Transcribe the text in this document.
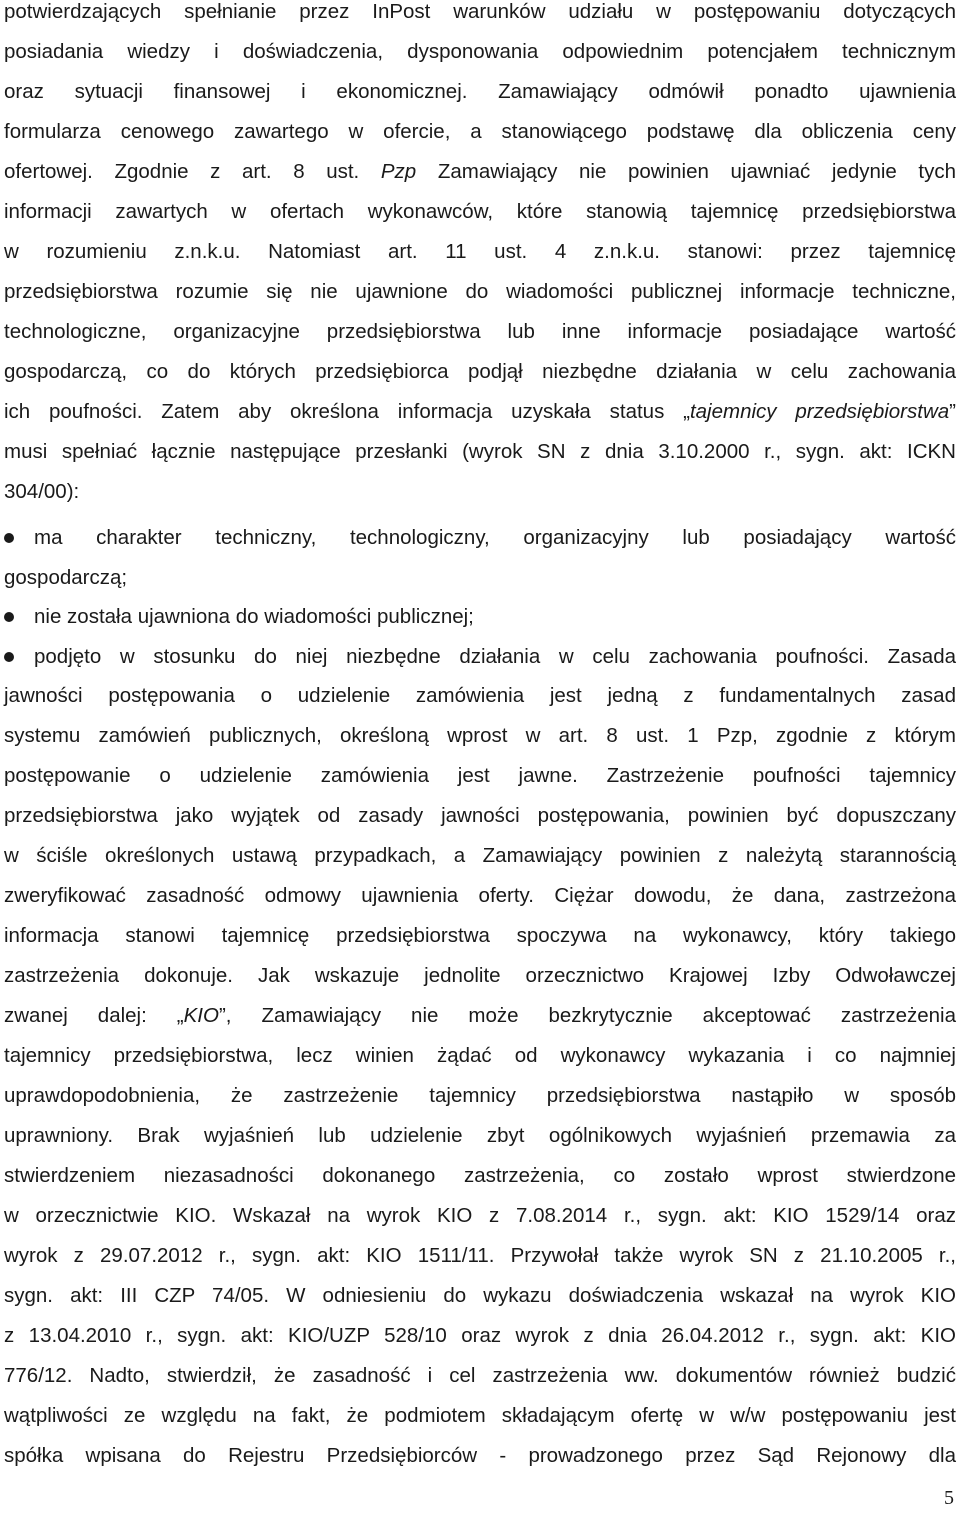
potwierdzających spełnianie przez InPost warunków udziału w postępowaniu dotyczących
posiadania wiedzy i doświadczenia, dysponowania odpowiednim potencjałem technicznym
oraz sytuacji finansowej i ekonomicznej. Zamawiający odmówił ponadto ujawnienia
formularza cenowego zawartego w ofercie, a stanowiącego podstawę dla obliczenia ceny
ofertowej. Zgodnie z art. 8 ust. Pzp Zamawiający nie powinien ujawniać jedynie tych
informacji zawartych w ofertach wykonawców, które stanowią tajemnicę przedsiębiorstwa
w rozumieniu z.n.k.u. Natomiast art. 11 ust. 4 z.n.k.u. stanowi: przez tajemnicę
przedsiębiorstwa rozumie się nie ujawnione do wiadomości publicznej informacje techniczne,
technologiczne, organizacyjne przedsiębiorstwa lub inne informacje posiadające wartość
gospodarczą, co do których przedsiębiorca podjął niezbędne działania w celu zachowania
ich poufności. Zatem aby określona informacja uzyskała status „tajemnicy przedsiębiorstwa”
musi spełniać łącznie następujące przesłanki (wyrok SN z dnia 3.10.2000 r., sygn. akt: ICKN
304/00):
ma charakter techniczny, technologiczny, organizacyjny lub posiadający wartość
gospodarczą;
nie została ujawniona do wiadomości publicznej;
podjęto w stosunku do niej niezbędne działania w celu zachowania poufności. Zasada
jawności postępowania o udzielenie zamówienia jest jedną z fundamentalnych zasad
systemu zamówień publicznych, określoną wprost w art. 8 ust. 1 Pzp, zgodnie z którym
postępowanie o udzielenie zamówienia jest jawne. Zastrzeżenie poufności tajemnicy
przedsiębiorstwa jako wyjątek od zasady jawności postępowania, powinien być dopuszczany
w ściśle określonych ustawą przypadkach, a Zamawiający powinien z należytą starannością
zweryfikować zasadność odmowy ujawnienia oferty. Ciężar dowodu, że dana, zastrzeżona
informacja stanowi tajemnicę przedsiębiorstwa spoczywa na wykonawcy, który takiego
zastrzeżenia dokonuje. Jak wskazuje jednolite orzecznictwo Krajowej Izby Odwoławczej
zwanej dalej: „KIO”, Zamawiający nie może bezkrytycznie akceptować zastrzeżenia
tajemnicy przedsiębiorstwa, lecz winien żądać od wykonawcy wykazania i co najmniej
uprawdopodobnienia, że zastrzeżenie tajemnicy przedsiębiorstwa nastąpiło w sposób
uprawniony. Brak wyjaśnień lub udzielenie zbyt ogólnikowych wyjaśnień przemawia za
stwierdzeniem niezasadności dokonanego zastrzeżenia, co zostało wprost stwierdzone
w orzecznictwie KIO. Wskazał na wyrok KIO z 7.08.2014 r., sygn. akt: KIO 1529/14 oraz
wyrok z 29.07.2012 r., sygn. akt: KIO 1511/11. Przywołał także wyrok SN z 21.10.2005 r.,
sygn. akt: III CZP 74/05. W odniesieniu do wykazu doświadczenia wskazał na wyrok KIO
z 13.04.2010 r., sygn. akt: KIO/UZP 528/10 oraz wyrok z dnia 26.04.2012 r., sygn. akt: KIO
776/12. Nadto, stwierdził, że zasadność i cel zastrzeżenia ww. dokumentów również budzić
wątpliwości ze względu na fakt, że podmiotem składającym ofertę w w/w postępowaniu jest
spółka wpisana do Rejestru Przedsiębiorców - prowadzonego przez Sąd Rejonowy dla
5
